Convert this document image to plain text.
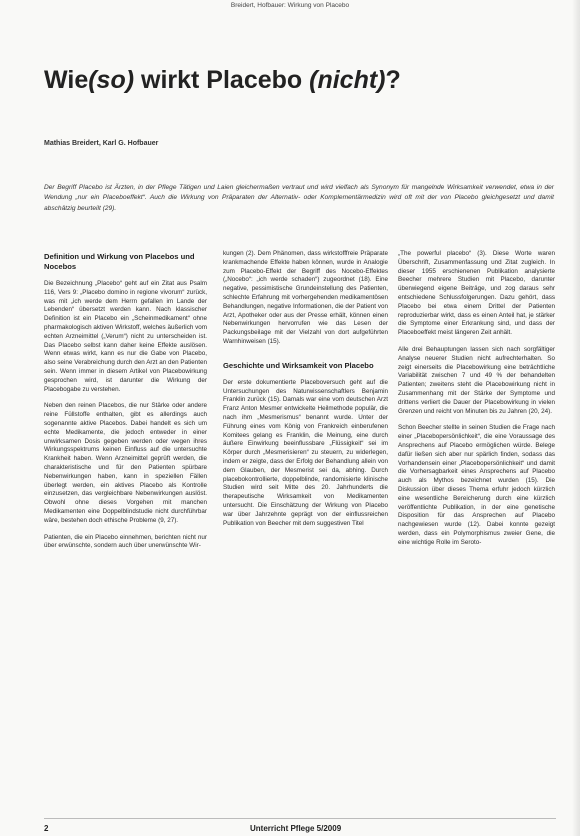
Breidert, Hofbauer: Wirkung von Placebo
Wie(so) wirkt Placebo (nicht)?
Mathias Breidert, Karl G. Hofbauer
Der Begriff Placebo ist Ärzten, in der Pflege Tätigen und Laien gleichermaßen vertraut und wird vielfach als Synonym für mangelnde Wirksamkeit verwendet, etwa in der Wendung „nur ein Placeboeffekt“. Auch die Wirkung von Präparaten der Alternativ- oder Komplementärmedizin wird oft mit der von Placebo gleichgesetzt und damit abschätzig beurteilt (29).
Definition und Wirkung von Placebos und Nocebos

Die Bezeichnung „Placebo“ geht auf ein Zitat aus Psalm 116, Vers 9: „Placebo domino in regione vivorum“ zurück, was mit „ich werde dem Herrn gefallen im Lande der Lebenden“ übersetzt werden kann. Nach klassischer Definition ist ein Placebo ein „Scheinmedikament“ ohne pharmakologisch aktiven Wirkstoff, welches äußerlich vom echten Arzneimittel („Verum“) nicht zu unterscheiden ist. Das Placebo selbst kann daher keine Effekte auslösen. Wenn etwas wirkt, kann es nur die Gabe von Placebo, also seine Verabreichung durch den Arzt an den Patienten sein. Wenn immer in diesem Artikel von Placebowirkung gesprochen wird, ist darunter die Wirkung der Placebogabe zu verstehen.

Neben den reinen Placebos, die nur Stärke oder andere reine Füllstoffe enthalten, gibt es allerdings auch sogenannte aktive Placebos. Dabei handelt es sich um echte Medikamente, die jedoch entweder in einer unwirksamen Dosis gegeben werden oder wegen ihres Wirkungsspektrums keinen Einfluss auf die untersuchte Krankheit haben. Wenn Arzneimittel geprüft werden, die charakteristische und für den Patienten spürbare Nebenwirkungen haben, kann in speziellen Fällen überlegt werden, ein aktives Placebo als Kontrolle einzusetzen, das vergleichbare Nebenwirkungen auslöst. Obwohl ohne dieses Vorgehen mit manchen Medikamenten eine Doppelblindstudie nicht durchführbar wäre, bestehen doch ethische Probleme (9, 27).

Patienten, die ein Placebo einnehmen, berichten nicht nur über erwünschte, sondern auch über unerwünschte Wir-

kungen (2). Dem Phänomen, dass wirkstofffreie Präparate krankmachende Effekte haben können, wurde in Analogie zum Placebo-Effekt der Begriff des Nocebo-Effektes („Nocebo“: „ich werde schaden“) zugeordnet (18). Eine negative, pessimistische Grundeinstellung des Patienten, schlechte Erfahrung mit vorhergehenden medikamentösen Behandlungen, negative Informationen, die der Patient von Arzt, Apotheker oder aus der Presse erhält, können einen Nebenwirkungen hervorrufen wie das Lesen der Packungsbeilage mit der Vielzahl von dort aufgeführten Warnhinweisen (15).

Geschichte und Wirksamkeit von Placebo

Der erste dokumentierte Placeboversuch geht auf die Untersuchungen des Naturwissenschaftlers Benjamin Franklin zurück (15). Damals war eine vom deutschen Arzt Franz Anton Mesmer entwickelte Heilmethode populär, die nach ihm „Mesmerismus“ benannt wurde. Unter der Führung eines vom König von Frankreich einberufenen Komitees gelang es Franklin, die Meinung, eine durch äußere Einwirkung beeinflussbare „Flüssigkeit“ sei im Körper durch „Mesmerisieren“ zu steuern, zu widerlegen, indem er zeigte, dass der Erfolg der Behandlung allein von dem Glauben, der Mesmerist sei da, abhing. Durch placebokontrollierte, doppelblinde, randomisierte klinische Studien wird seit Mitte des 20. Jahrhunderts die therapeutische Wirksamkeit von Medikamenten untersucht. Die Einschätzung der Wirkung von Placebo war über Jahrzehnte geprägt von der einflussreichen Publikation von Beecher mit dem suggestiven Titel

„The powerful placebo“ (3). Diese Worte waren Überschrift, Zusammenfassung und Zitat zugleich. In dieser 1955 erschienenen Publikation analysierte Beecher mehrere Studien mit Placebo, darunter überwiegend eigene Beiträge, und zog daraus sehr entschiedene Schlussfolgerungen. Dazu gehört, dass Placebo bei etwa einem Drittel der Patienten reproduzierbar wirkt, dass es einen Anteil hat, je stärker die Symptome einer Erkrankung sind, und dass der Placeboeffekt meist längeren Zeit anhält.

Alle drei Behauptungen lassen sich nach sorgfältiger Analyse neuerer Studien nicht aufrechterhalten. So zeigt einerseits die Placebowirkung eine beträchtliche Variabilität zwischen 7 und 49 % der behandelten Patienten; zweitens steht die Placebowirkung nicht in Zusammenhang mit der Stärke der Symptome und drittens verliert die Dauer der Placebowirkung in vielen Grenzen und reicht von Minuten bis zu Jahren (20, 24).

Schon Beecher stellte in seinen Studien die Frage nach einer „Placebopersönlichkeit“, die eine Voraussage des Ansprechens auf Placebo ermöglichen würde. Belege dafür ließen sich aber nur spärlich finden, sodass das Vorhandensein einer „Placebopersönlichkeit“ und damit die Vorhersagbarkeit eines Ansprechens auf Placebo auch als Mythos bezeichnet wurden (15). Die Diskussion über dieses Thema erfuhr jedoch kürzlich eine wesentliche Bereicherung durch eine kürzlich veröffentlichte Publikation, in der eine genetische Disposition für das Ansprechen auf Placebo nachgewiesen wurde (12). Dabei konnte gezeigt werden, dass ein Polymorphismus zweier Gene, die eine wichtige Rolle im Seroto-

2	Unterricht Pflege 5/2009
